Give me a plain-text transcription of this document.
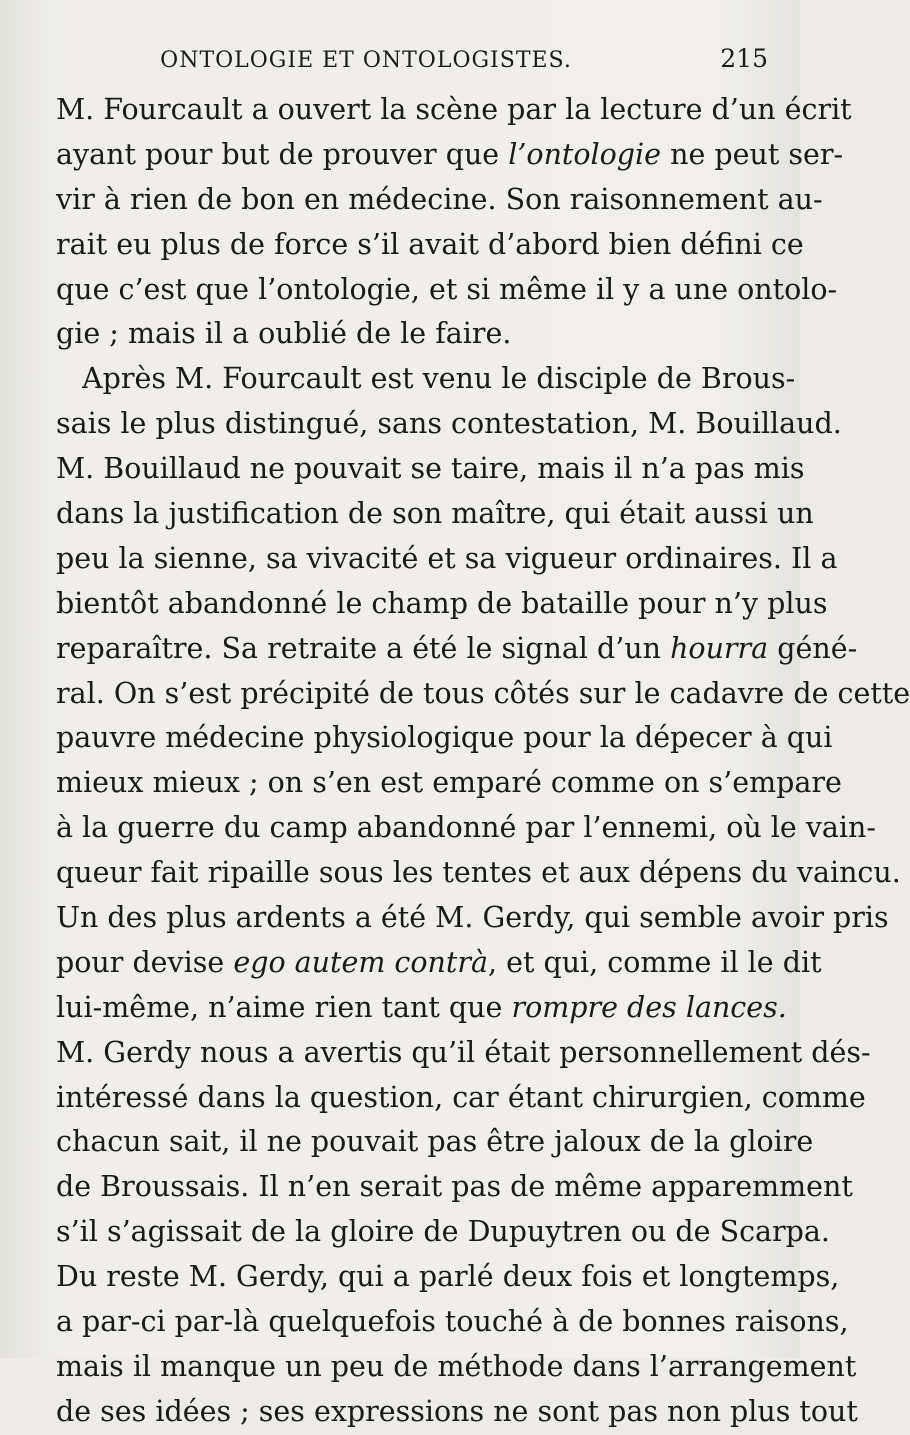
ONTOLOGIE ET ONTOLOGISTES.	215
M. Fourcault a ouvert la scène par la lecture d’un écrit
ayant pour but de prouver que l’ontologie ne peut ser-
vir à rien de bon en médecine. Son raisonnement au-
rait eu plus de force s’il avait d’abord bien défini ce
que c’est que l’ontologie, et si même il y a une ontolo-
gie ; mais il a oublié de le faire.
Après M. Fourcault est venu le disciple de Brous-
sais le plus distingué, sans contestation, M. Bouillaud.
M. Bouillaud ne pouvait se taire, mais il n’a pas mis
dans la justification de son maître, qui était aussi un
peu la sienne, sa vivacité et sa vigueur ordinaires. Il a
bientôt abandonné le champ de bataille pour n’y plus
reparaître. Sa retraite a été le signal d’un hourra géné-
ral. On s’est précipité de tous côtés sur le cadavre de cette
pauvre médecine physiologique pour la dépecer à qui
mieux mieux ; on s’en est emparé comme on s’empare
à la guerre du camp abandonné par l’ennemi, où le vain-
queur fait ripaille sous les tentes et aux dépens du vaincu.
Un des plus ardents a été M. Gerdy, qui semble avoir pris
pour devise ego autem contrà, et qui, comme il le dit
lui-même, n’aime rien tant que rompre des lances.
M. Gerdy nous a avertis qu’il était personnellement dés-
intéressé dans la question, car étant chirurgien, comme
chacun sait, il ne pouvait pas être jaloux de la gloire
de Broussais. Il n’en serait pas de même apparemment
s’il s’agissait de la gloire de Dupuytren ou de Scarpa.
Du reste M. Gerdy, qui a parlé deux fois et longtemps,
a par-ci par-là quelquefois touché à de bonnes raisons,
mais il manque un peu de méthode dans l’arrangement
de ses idées ; ses expressions ne sont pas non plus tout
